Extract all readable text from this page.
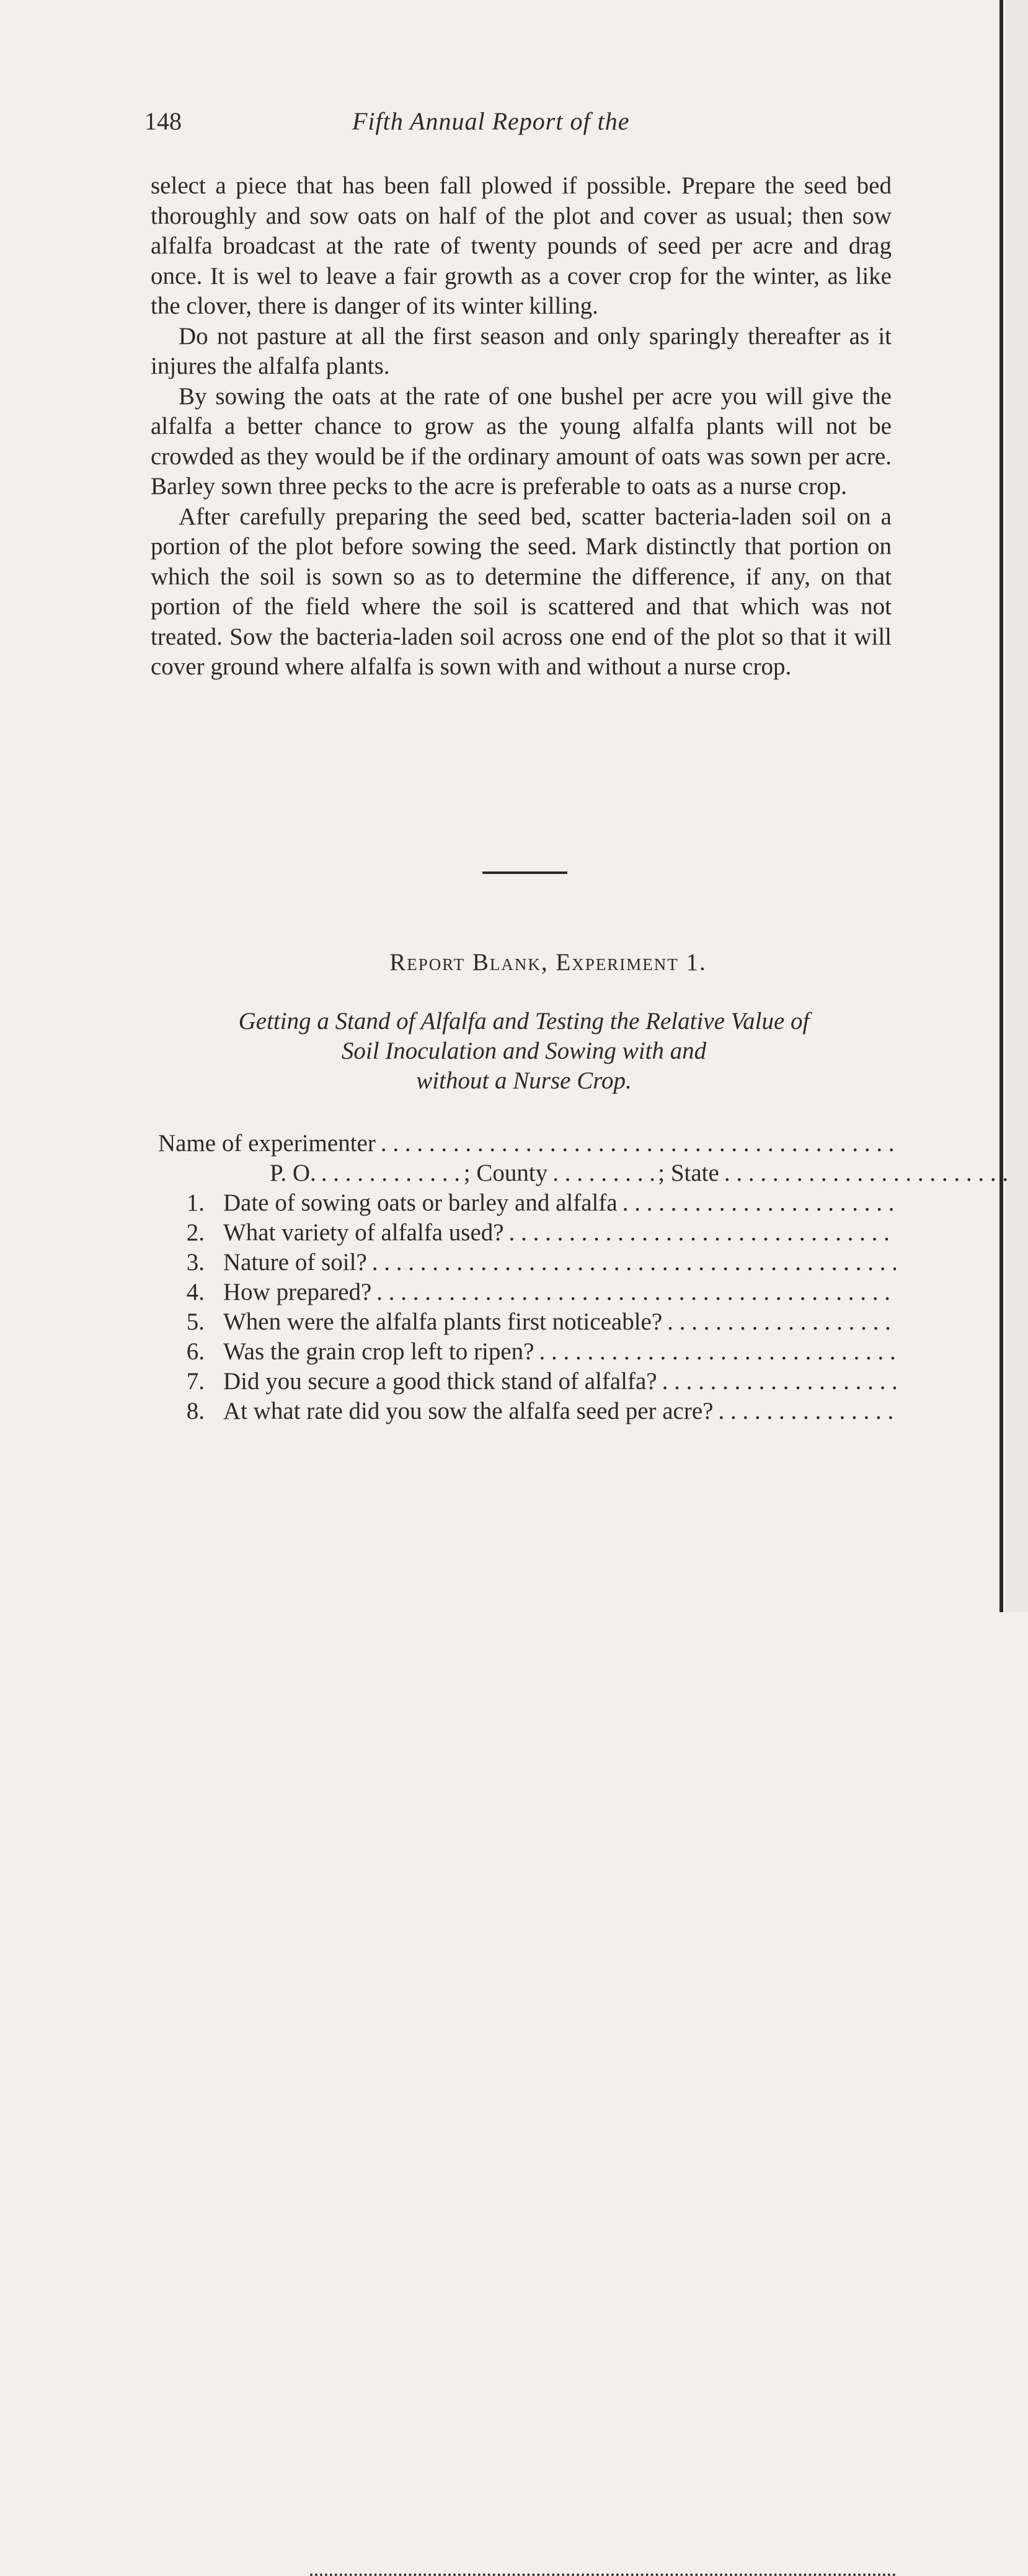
148	Fifth Annual Report of the

select a piece that has been fall plowed if possible. Prepare the seed bed thoroughly and sow oats on half of the plot and cover as usual; then sow alfalfa broadcast at the rate of twenty pounds of seed per acre and drag once. It is wel to leave a fair growth as a cover crop for the winter, as like the clover, there is danger of its winter killing.

Do not pasture at all the first season and only sparingly thereafter as it injures the alfalfa plants.

By sowing the oats at the rate of one bushel per acre you will give the alfalfa a better chance to grow as the young alfalfa plants will not be crowded as they would be if the ordinary amount of oats was sown per acre. Barley sown three pecks to the acre is preferable to oats as a nurse crop.

After carefully preparing the seed bed, scatter bacteria-laden soil on a portion of the plot before sowing the seed. Mark distinctly that portion on which the soil is sown so as to determine the difference, if any, on that portion of the field where the soil is scattered and that which was not treated. Sow the bacteria-laden soil across one end of the plot so that it will cover ground where alfalfa is sown with and without a nurse crop.

Report Blank, Experiment 1.
Getting a Stand of Alfalfa and Testing the Relative Value of
Soil Inoculation and Sowing with and
without a Nurse Crop.
Name of experimenter
. . .
P. O. . . .	; County . . .	; State
. . .
1. Date of sowing oats or barley and alfalfa
. . .
2. What variety of alfalfa used?
. . .
3. Nature of soil?
. . .
4. How prepared?
. . .
5. When were the alfalfa plants first noticeable?
. . .
6. Was the grain crop left to ripen?
. . .
7. Did you secure a good thick stand of alfalfa?
. . .
8. At what rate did you sow the alfalfa seed per acre?
. . .
